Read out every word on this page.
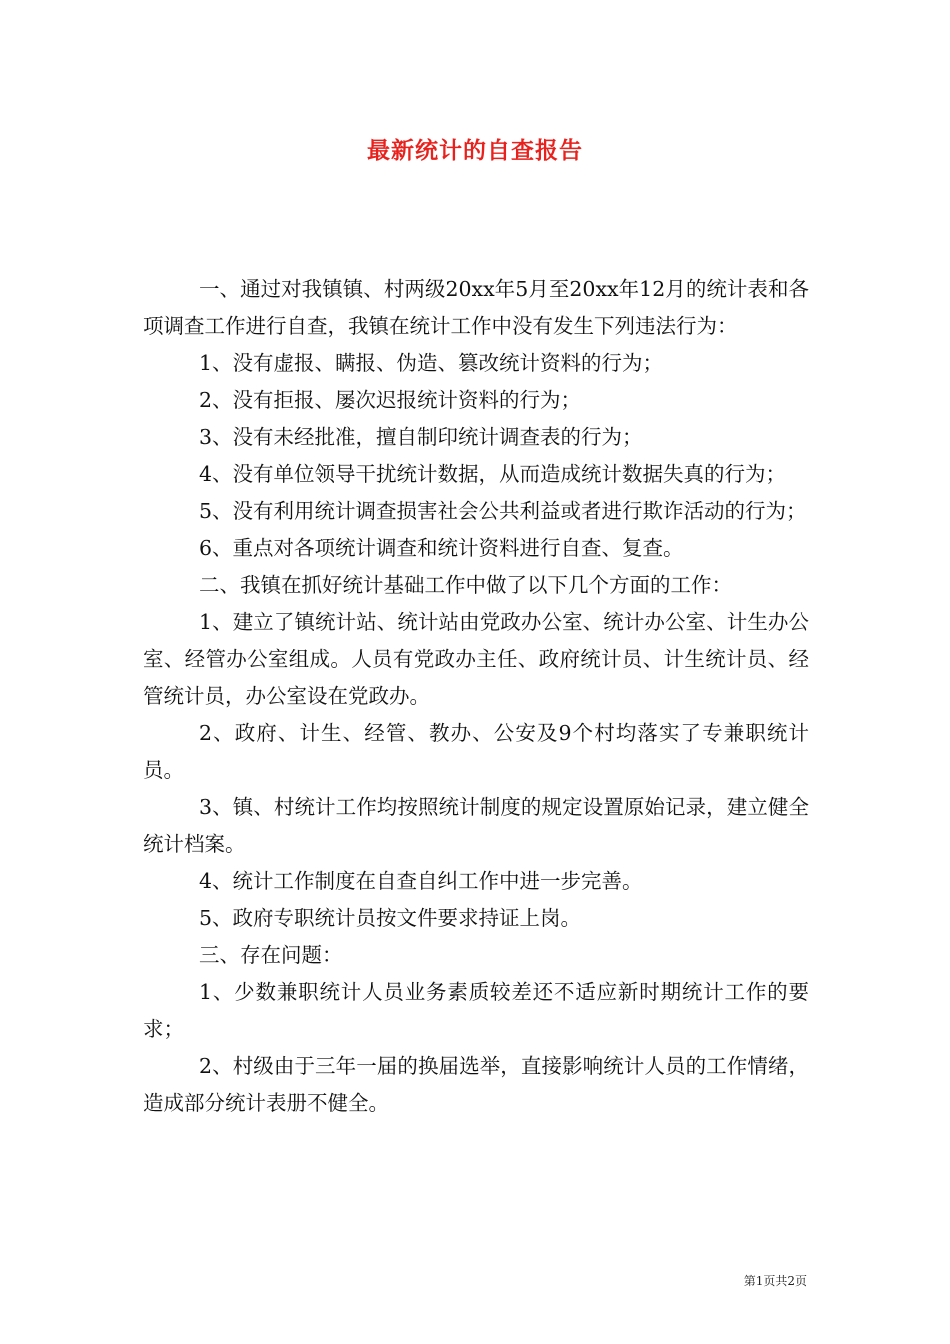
最新统计的自查报告

一、通过对我镇镇、村两级20xx年5月至20xx年12月的统计表和各项调查工作进行自查，我镇在统计工作中没有发生下列违法行为：

1、没有虚报、瞒报、伪造、篡改统计资料的行为；

2、没有拒报、屡次迟报统计资料的行为；

3、没有未经批准，擅自制印统计调查表的行为；

4、没有单位领导干扰统计数据，从而造成统计数据失真的行为；

5、没有利用统计调查损害社会公共利益或者进行欺诈活动的行为；

6、重点对各项统计调查和统计资料进行自查、复查。

二、我镇在抓好统计基础工作中做了以下几个方面的工作：

1、建立了镇统计站、统计站由党政办公室、统计办公室、计生办公室、经管办公室组成。人员有党政办主任、政府统计员、计生统计员、经管统计员，办公室设在党政办。

2、政府、计生、经管、教办、公安及9个村均落实了专兼职统计员。

3、镇、村统计工作均按照统计制度的规定设置原始记录，建立健全统计档案。

4、统计工作制度在自查自纠工作中进一步完善。

5、政府专职统计员按文件要求持证上岗。

三、存在问题：

1、少数兼职统计人员业务素质较差还不适应新时期统计工作的要求；

2、村级由于三年一届的换届选举，直接影响统计人员的工作情绪，造成部分统计表册不健全。

第1页共2页
